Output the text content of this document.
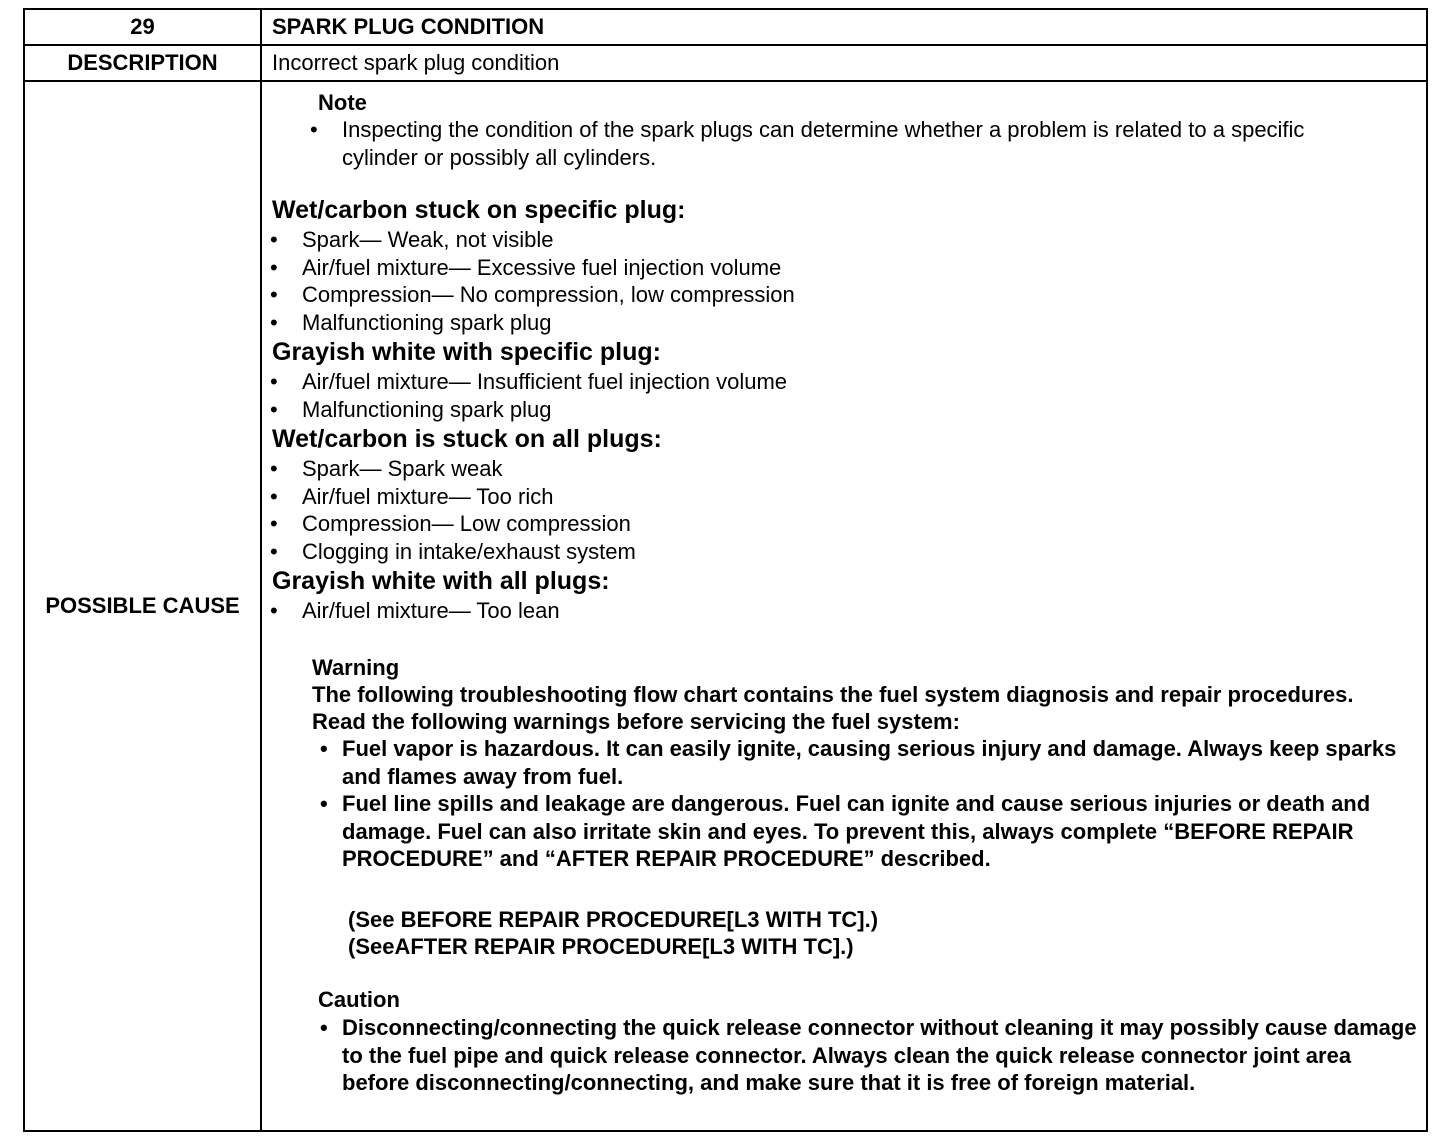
29	SPARK PLUG CONDITION
DESCRIPTION	Incorrect spark plug condition
POSSIBLE CAUSE
Note
• Inspecting the condition of the spark plugs can determine whether a problem is related to a specific cylinder or possibly all cylinders.
Wet/carbon stuck on specific plug:
• Spark— Weak, not visible
• Air/fuel mixture— Excessive fuel injection volume
• Compression— No compression, low compression
• Malfunctioning spark plug
Grayish white with specific plug:
• Air/fuel mixture— Insufficient fuel injection volume
• Malfunctioning spark plug
Wet/carbon is stuck on all plugs:
• Spark— Spark weak
• Air/fuel mixture— Too rich
• Compression— Low compression
• Clogging in intake/exhaust system
Grayish white with all plugs:
• Air/fuel mixture— Too lean
Warning
The following troubleshooting flow chart contains the fuel system diagnosis and repair procedures. Read the following warnings before servicing the fuel system:
• Fuel vapor is hazardous. It can easily ignite, causing serious injury and damage. Always keep sparks and flames away from fuel.
• Fuel line spills and leakage are dangerous. Fuel can ignite and cause serious injuries or death and damage. Fuel can also irritate skin and eyes. To prevent this, always complete “BEFORE REPAIR PROCEDURE” and “AFTER REPAIR PROCEDURE” described.
(See BEFORE REPAIR PROCEDURE[L3 WITH TC].)
(SeeAFTER REPAIR PROCEDURE[L3 WITH TC].)
Caution
• Disconnecting/connecting the quick release connector without cleaning it may possibly cause damage to the fuel pipe and quick release connector. Always clean the quick release connector joint area before disconnecting/connecting, and make sure that it is free of foreign material.
